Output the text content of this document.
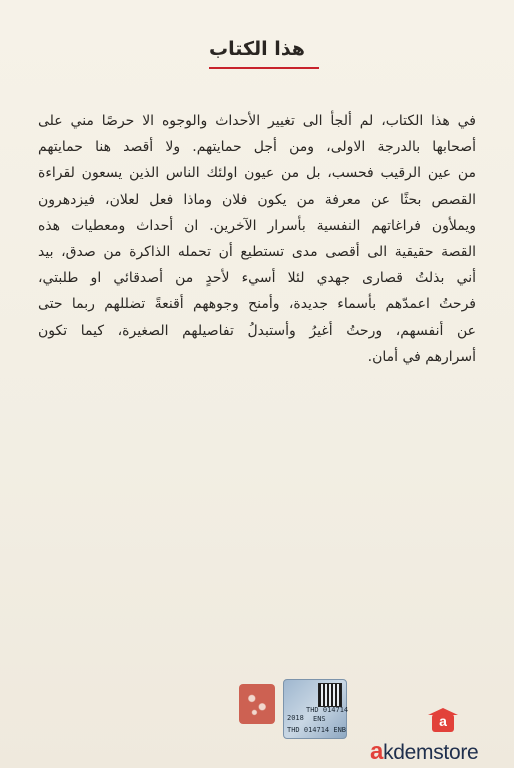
هذا الكتاب
في هذا الكتاب، لم ألجأ الى تغيير الأحداث والوجوه الا حرصًا مني على
أصحابها بالدرجة الاولى، ومن أجل حمايتهم. ولا أقصد هنا حمايتهم
من عين الرقيب فحسب، بل من عيون اولئك الناس الذين يسعون لقراءة
القصص بحثًا عن معرفة من يكون فلان وماذا فعل لعلان، فيزدهرون
ويملأون فراغاتهم النفسية بأسرار الآخرين. ان أحداث ومعطيات هذه
القصة حقيقية الى أقصى مدى تستطيع أن تحمله الذاكرة من صدق، بيد
أني بذلتُ قصارى جهدي لئلا أسيء لأحدٍ من أصدقائي او طلبتي،
فرحتُ اعمدّهم بأسماء جديدة، وأمنح وجوههم أقنعةً تضللهم ربما حتى
عن أنفسهم، ورحتُ أغيرُ وأستبدلُ تفاصيلهم الصغيرة، كيما تكون
أسرارهم في أمان.
2018
THD 014714
ENS
THD 014714 ENB
a
akdemstore
